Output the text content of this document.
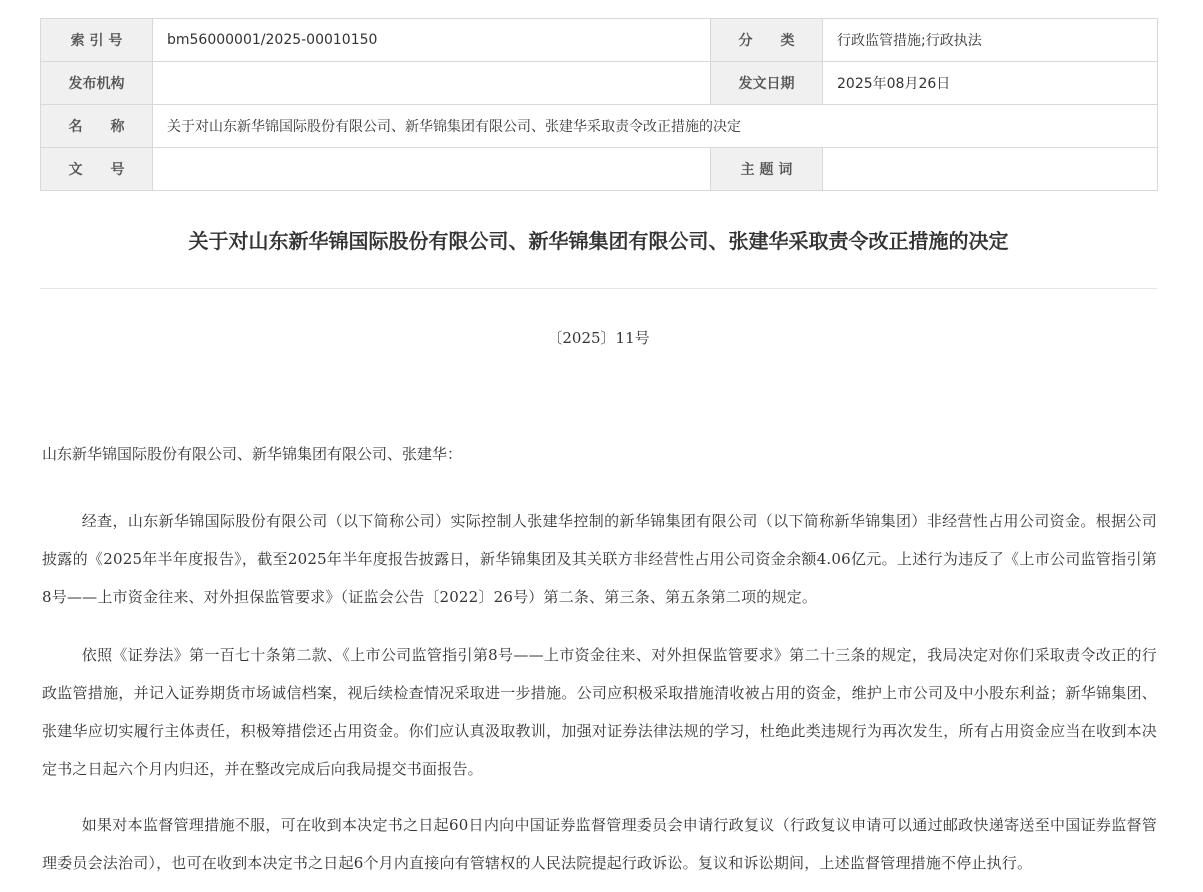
索 引 号	bm56000001/2025-00010150	分　　类	行政监管措施;行政执法
发布机构		发文日期	2025年08月26日
名　　称	关于对山东新华锦国际股份有限公司、新华锦集团有限公司、张建华采取责令改正措施的决定		
文　　号		主 题 词	
关于对山东新华锦国际股份有限公司、新华锦集团有限公司、张建华采取责令改正措施的决定
〔2025〕11号

山东新华锦国际股份有限公司、新华锦集团有限公司、张建华：

经查，山东新华锦国际股份有限公司（以下简称公司）实际控制人张建华控制的新华锦集团有限公司（以下简称新华锦集团）非经营性占用公司资金。根据公司披露的《2025年半年度报告》，截至2025年半年度报告披露日，新华锦集团及其关联方非经营性占用公司资金余额4.06亿元。上述行为违反了《上市公司监管指引第8号——上市资金往来、对外担保监管要求》（证监会公告〔2022〕26号）第二条、第三条、第五条第二项的规定。

依照《证券法》第一百七十条第二款、《上市公司监管指引第8号——上市资金往来、对外担保监管要求》第二十三条的规定，我局决定对你们采取责令改正的行政监管措施，并记入证券期货市场诚信档案，视后续检查情况采取进一步措施。公司应积极采取措施清收被占用的资金，维护上市公司及中小股东利益；新华锦集团、张建华应切实履行主体责任，积极筹措偿还占用资金。你们应认真汲取教训，加强对证券法律法规的学习，杜绝此类违规行为再次发生，所有占用资金应当在收到本决定书之日起六个月内归还，并在整改完成后向我局提交书面报告。

如果对本监督管理措施不服，可在收到本决定书之日起60日内向中国证券监督管理委员会申请行政复议（行政复议申请可以通过邮政快递寄送至中国证券监督管理委员会法治司），也可在收到本决定书之日起6个月内直接向有管辖权的人民法院提起行政诉讼。复议和诉讼期间，上述监督管理措施不停止执行。
